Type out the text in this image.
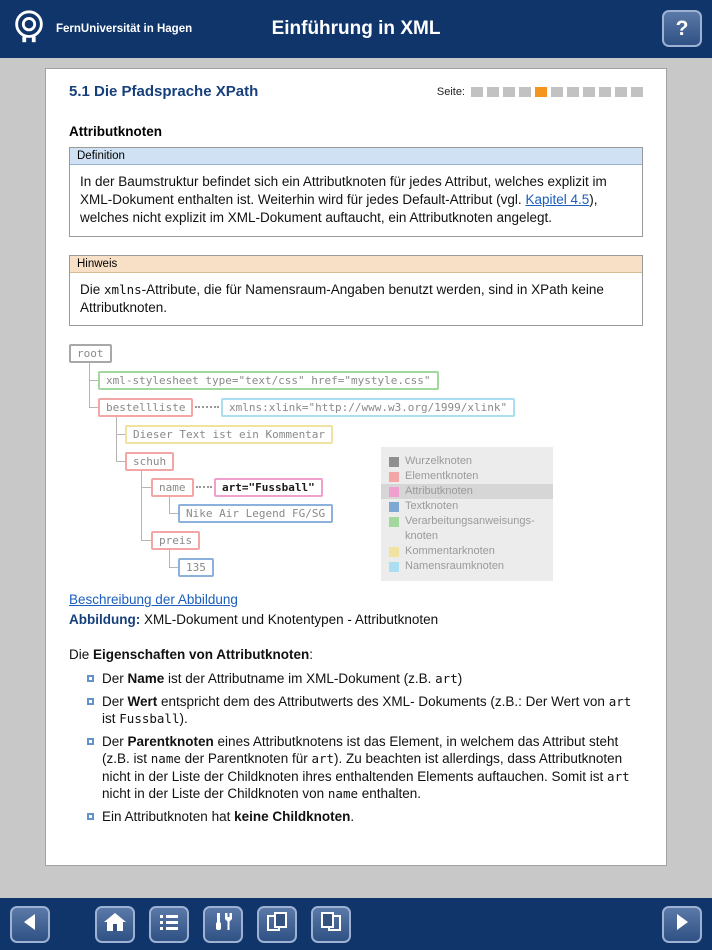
FernUniversität in Hagen	Einführung in XML	?
5.1 Die Pfadsprache XPath	Seite:
Attributknoten
Definition
In der Baumstruktur befindet sich ein Attributknoten für jedes Attribut, welches explizit im XML-Dokument enthalten ist. Weiterhin wird für jedes Default-Attribut (vgl. Kapitel 4.5), welches nicht explizit im XML-Dokument auftaucht, ein Attributknoten angelegt.
Hinweis
Die xmlns-Attribute, die für Namensraum-Angaben benutzt werden, sind in XPath keine Attributknoten.
root
xml-stylesheet type="text/css" href="mystyle.css"
bestellliste	xmlns:xlink="http://www.w3.org/1999/xlink"
Dieser Text ist ein Kommentar
schuh
name	art="Fussball"
Nike Air Legend FG/SG
preis
135
Wurzelknoten
Elementknoten
Attributknoten
Textknoten
Verarbeitungsanweisungs-knoten
Kommentarknoten
Namensraumknoten
Beschreibung der Abbildung
Abbildung: XML-Dokument und Knotentypen - Attributknoten
Die Eigenschaften von Attributknoten:
Der Name ist der Attributname im XML-Dokument (z.B. art)
Der Wert entspricht dem des Attributwerts des XML- Dokuments (z.B.: Der Wert von art ist Fussball).
Der Parentknoten eines Attributknotens ist das Element, in welchem das Attribut steht (z.B. ist name der Parentknoten für art). Zu beachten ist allerdings, dass Attributknoten nicht in der Liste der Childknoten ihres enthaltenden Elements auftauchen. Somit ist art nicht in der Liste der Childknoten von name enthalten.
Ein Attributknoten hat keine Childknoten.
